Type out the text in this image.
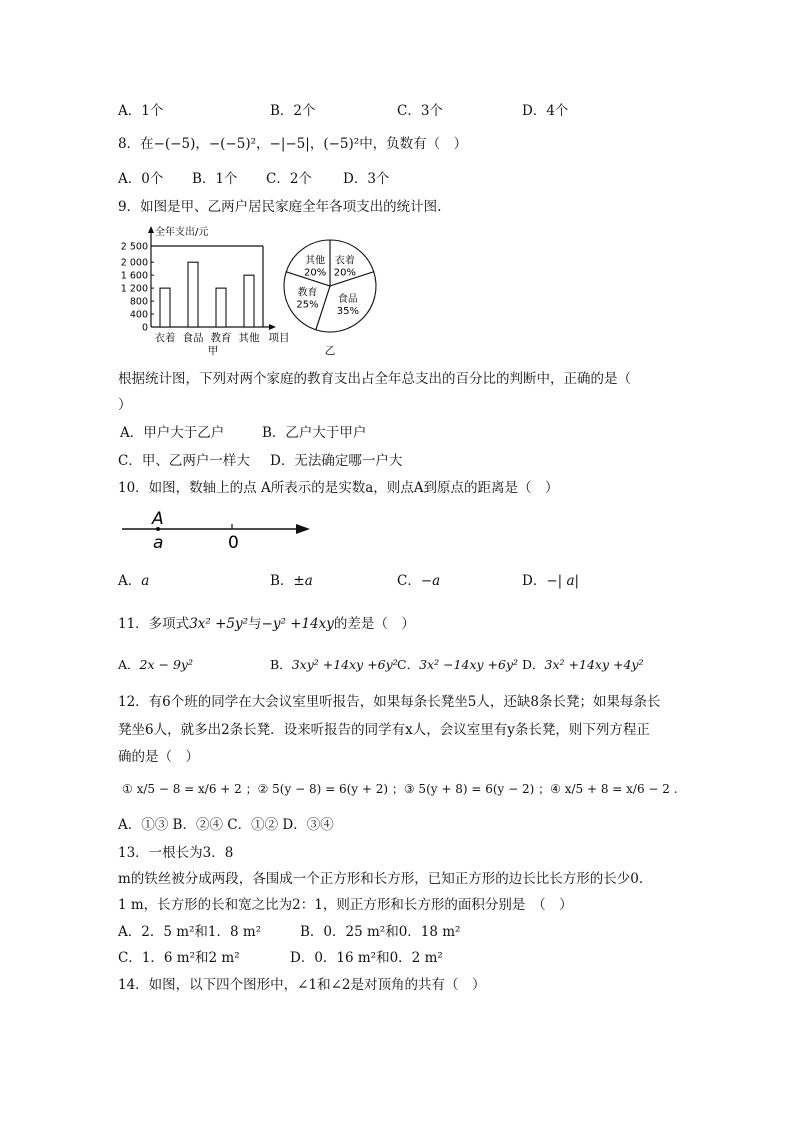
A．1个	B．2个	C．3个	D．4个
8．在−(−5)，−(−5)²，−|−5|，(−5)²中，负数有（　）
A．0个 B．1个 C．2个 D．3个
9．如图是甲、乙两户居民家庭全年各项支出的统计图.
全年支出/元
0
400
800
1 200
1 600
2 000
2 500
衣着 食品 教育 其他 项目
甲
衣着
20%
食品
35%
教育
25%
其他
20%
乙
根据统计图，下列对两个家庭的教育支出占全年总支出的百分比的判断中，正确的是（
）
A．甲户大于乙户	B．乙户大于甲户
C．甲、乙两户一样大 D．无法确定哪一户大
10．如图，数轴上的点 A所表示的是实数a，则点A到原点的距离是（　）
A
a	0
A．a	B．±a	C．−a	D．−| a|
11．多项式3x² +5y²与−y² +14xy的差是（　）
A．2x − 9y²	B．3xy² +14xy +6y² C．3x² −14xy +6y² D．3x² +14xy +4y²
12．有6个班的同学在大会议室里听报告，如果每条长凳坐5人，还缺8条长凳；如果每条长
凳坐6人，就多出2条长凳．设来听报告的同学有x人，会议室里有y条长凳，则下列方程正
确的是（　）
① x/5 − 8 = x/6 + 2 ；② 5(y − 8) = 6(y + 2) ；③ 5(y + 8) = 6(y − 2) ；④ x/5 + 8 = x/6 − 2 .
A．①③ B．②④ C．①② D．③④
13．一根长为3．8
m的铁丝被分成两段，各围成一个正方形和长方形，已知正方形的边长比长方形的长少0．
1 m，长方形的长和宽之比为2：1，则正方形和长方形的面积分别是　（　）
A．2．5 m²和1．8 m²	B．0．25 m²和0．18 m²
C．1．6 m²和2 m²	D．0．16 m²和0．2 m²
14．如图，以下四个图形中，∠1和∠2是对顶角的共有（　）
